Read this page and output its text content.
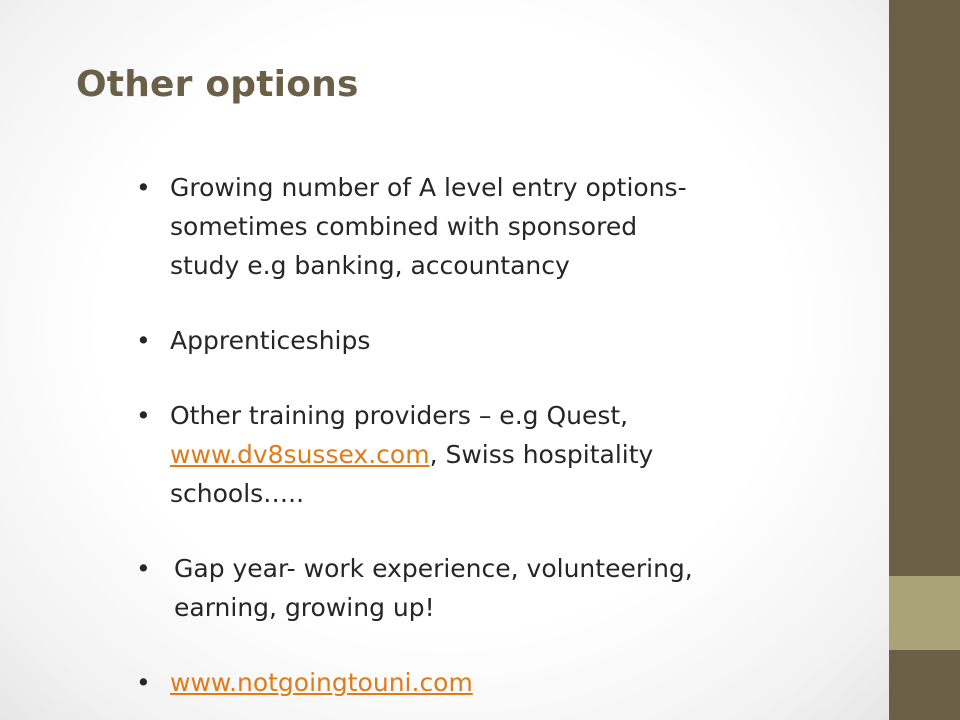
Other options
• Growing number of A level entry options-
sometimes combined with sponsored
study e.g banking, accountancy
• Apprenticeships
• Other training providers – e.g Quest,
www.dv8sussex.com, Swiss hospitality
schools…..
• Gap year- work experience, volunteering,
earning, growing up!
• www.notgoingtouni.com
